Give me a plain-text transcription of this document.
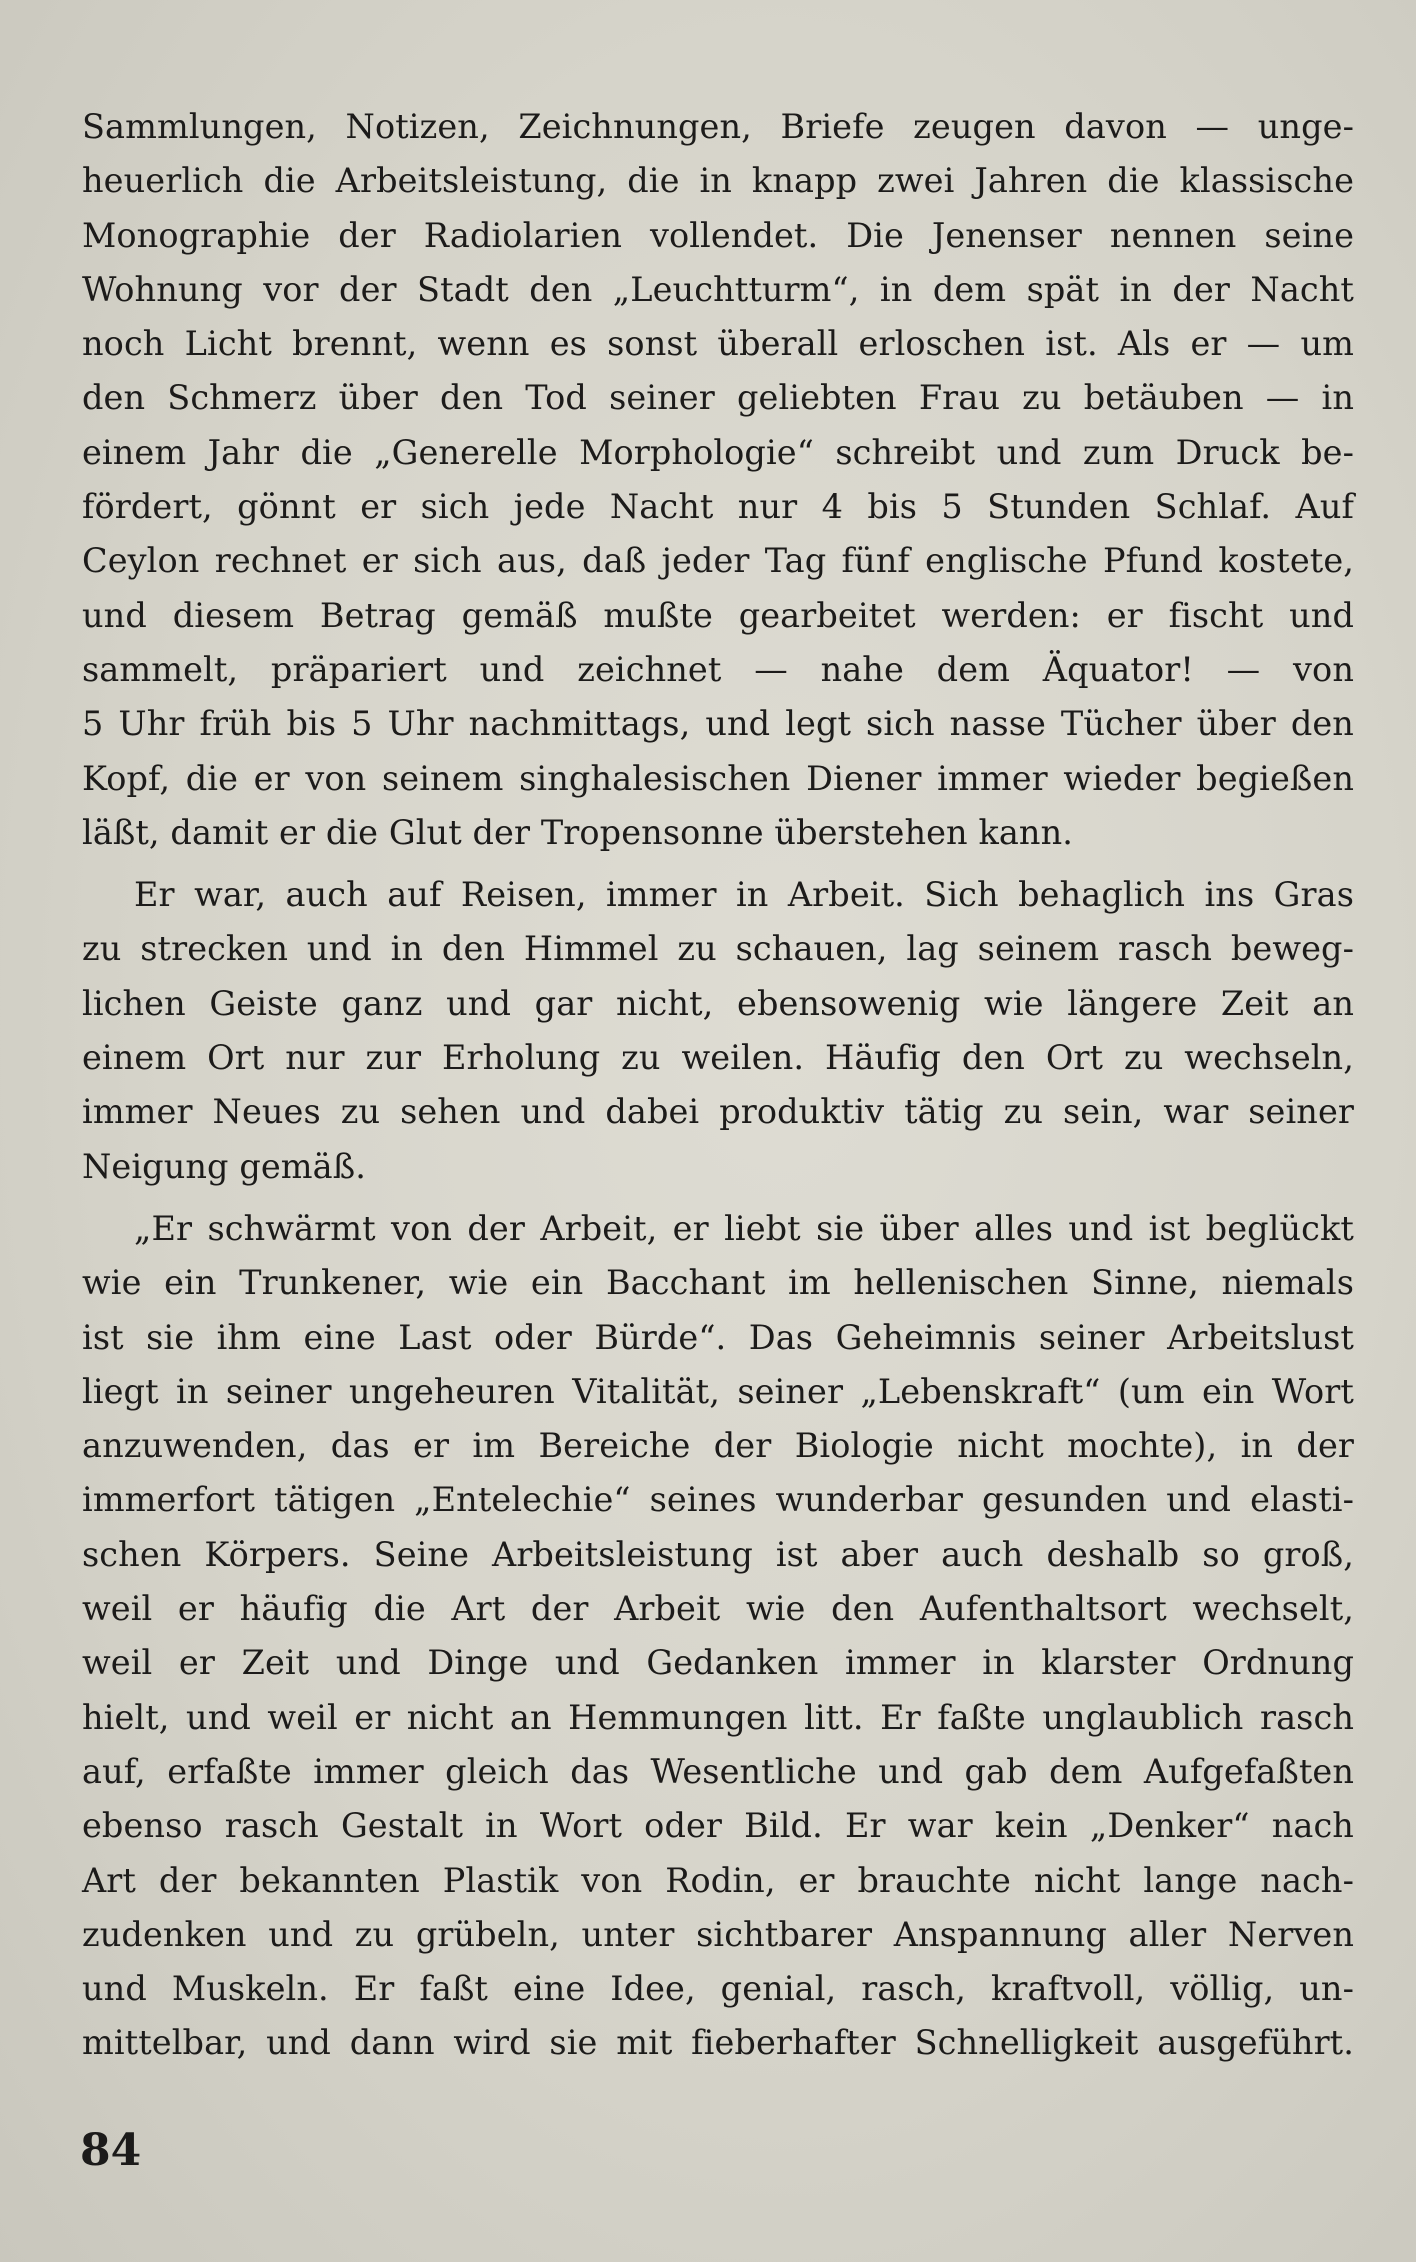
Sammlungen, Notizen, Zeichnungen, Briefe zeugen davon — unge-
heuerlich die Arbeitsleistung, die in knapp zwei Jahren die klassische
Monographie der Radiolarien vollendet. Die Jenenser nennen seine
Wohnung vor der Stadt den „Leuchtturm“, in dem spät in der Nacht
noch Licht brennt, wenn es sonst überall erloschen ist. Als er — um
den Schmerz über den Tod seiner geliebten Frau zu betäuben — in
einem Jahr die „Generelle Morphologie“ schreibt und zum Druck be-
fördert, gönnt er sich jede Nacht nur 4 bis 5 Stunden Schlaf. Auf
Ceylon rechnet er sich aus, daß jeder Tag fünf englische Pfund kostete,
und diesem Betrag gemäß mußte gearbeitet werden: er fischt und
sammelt, präpariert und zeichnet — nahe dem Äquator! — von
5 Uhr früh bis 5 Uhr nachmittags, und legt sich nasse Tücher über den
Kopf, die er von seinem singhalesischen Diener immer wieder begießen
läßt, damit er die Glut der Tropensonne überstehen kann.
Er war, auch auf Reisen, immer in Arbeit. Sich behaglich ins Gras
zu strecken und in den Himmel zu schauen, lag seinem rasch beweg-
lichen Geiste ganz und gar nicht, ebensowenig wie längere Zeit an
einem Ort nur zur Erholung zu weilen. Häufig den Ort zu wechseln,
immer Neues zu sehen und dabei produktiv tätig zu sein, war seiner
Neigung gemäß.
„Er schwärmt von der Arbeit, er liebt sie über alles und ist beglückt
wie ein Trunkener, wie ein Bacchant im hellenischen Sinne, niemals
ist sie ihm eine Last oder Bürde“. Das Geheimnis seiner Arbeitslust
liegt in seiner ungeheuren Vitalität, seiner „Lebenskraft“ (um ein Wort
anzuwenden, das er im Bereiche der Biologie nicht mochte), in der
immerfort tätigen „Entelechie“ seines wunderbar gesunden und elasti-
schen Körpers. Seine Arbeitsleistung ist aber auch deshalb so groß,
weil er häufig die Art der Arbeit wie den Aufenthaltsort wechselt,
weil er Zeit und Dinge und Gedanken immer in klarster Ordnung
hielt, und weil er nicht an Hemmungen litt. Er faßte unglaublich rasch
auf, erfaßte immer gleich das Wesentliche und gab dem Aufgefaßten
ebenso rasch Gestalt in Wort oder Bild. Er war kein „Denker“ nach
Art der bekannten Plastik von Rodin, er brauchte nicht lange nach-
zudenken und zu grübeln, unter sichtbarer Anspannung aller Nerven
und Muskeln. Er faßt eine Idee, genial, rasch, kraftvoll, völlig, un-
mittelbar, und dann wird sie mit fieberhafter Schnelligkeit ausgeführt.
84
